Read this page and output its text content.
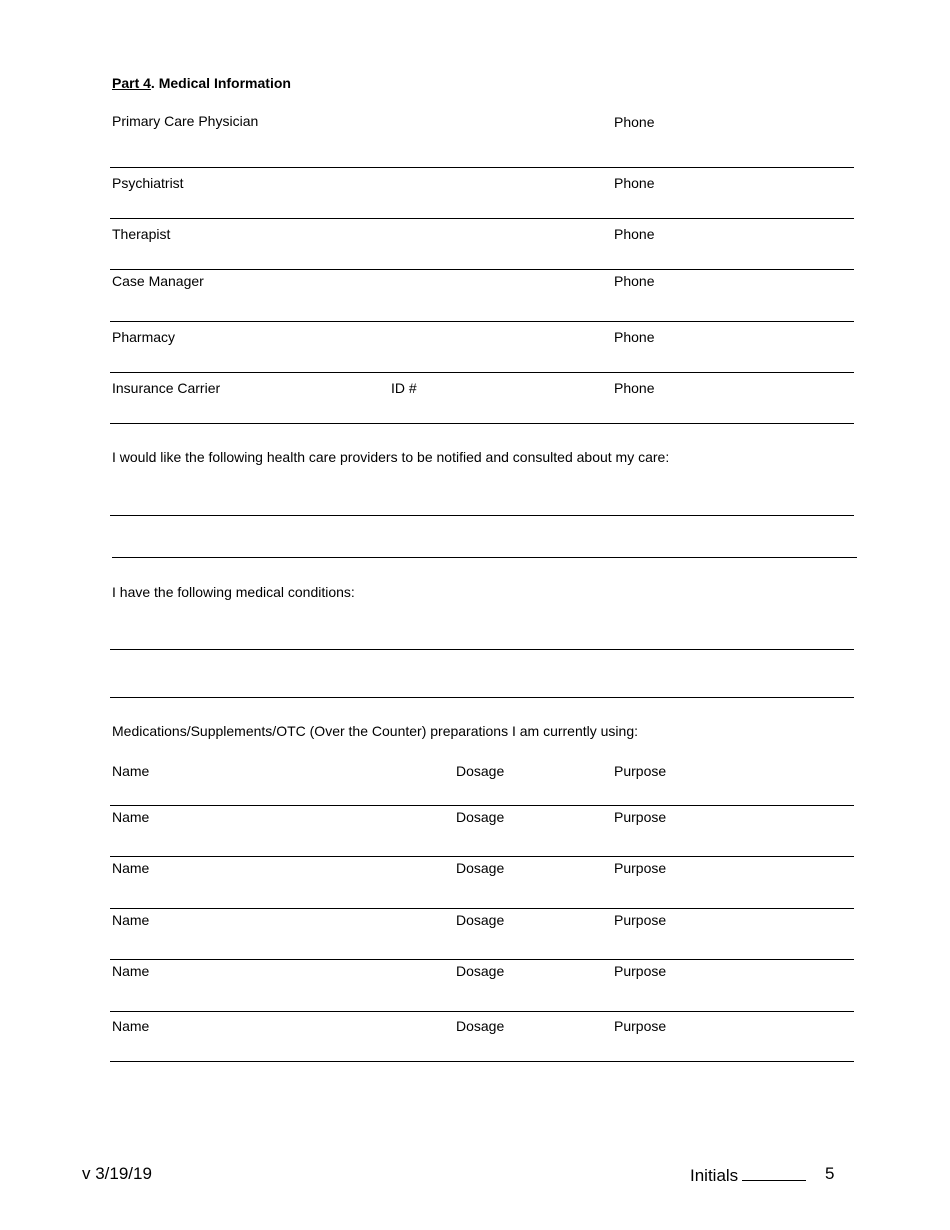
Part 4. Medical Information
Primary Care Physician	Phone
Psychiatrist	Phone
Therapist	Phone
Case Manager	Phone
Pharmacy	Phone
Insurance Carrier	ID #	Phone
I would like the following health care providers to be notified and consulted about my care:
I have the following medical conditions:
Medications/Supplements/OTC (Over the Counter) preparations I am currently using:
Name	Dosage	Purpose
Name	Dosage	Purpose
Name	Dosage	Purpose
Name	Dosage	Purpose
Name	Dosage	Purpose
Name	Dosage	Purpose
v 3/19/19	Initials	5
